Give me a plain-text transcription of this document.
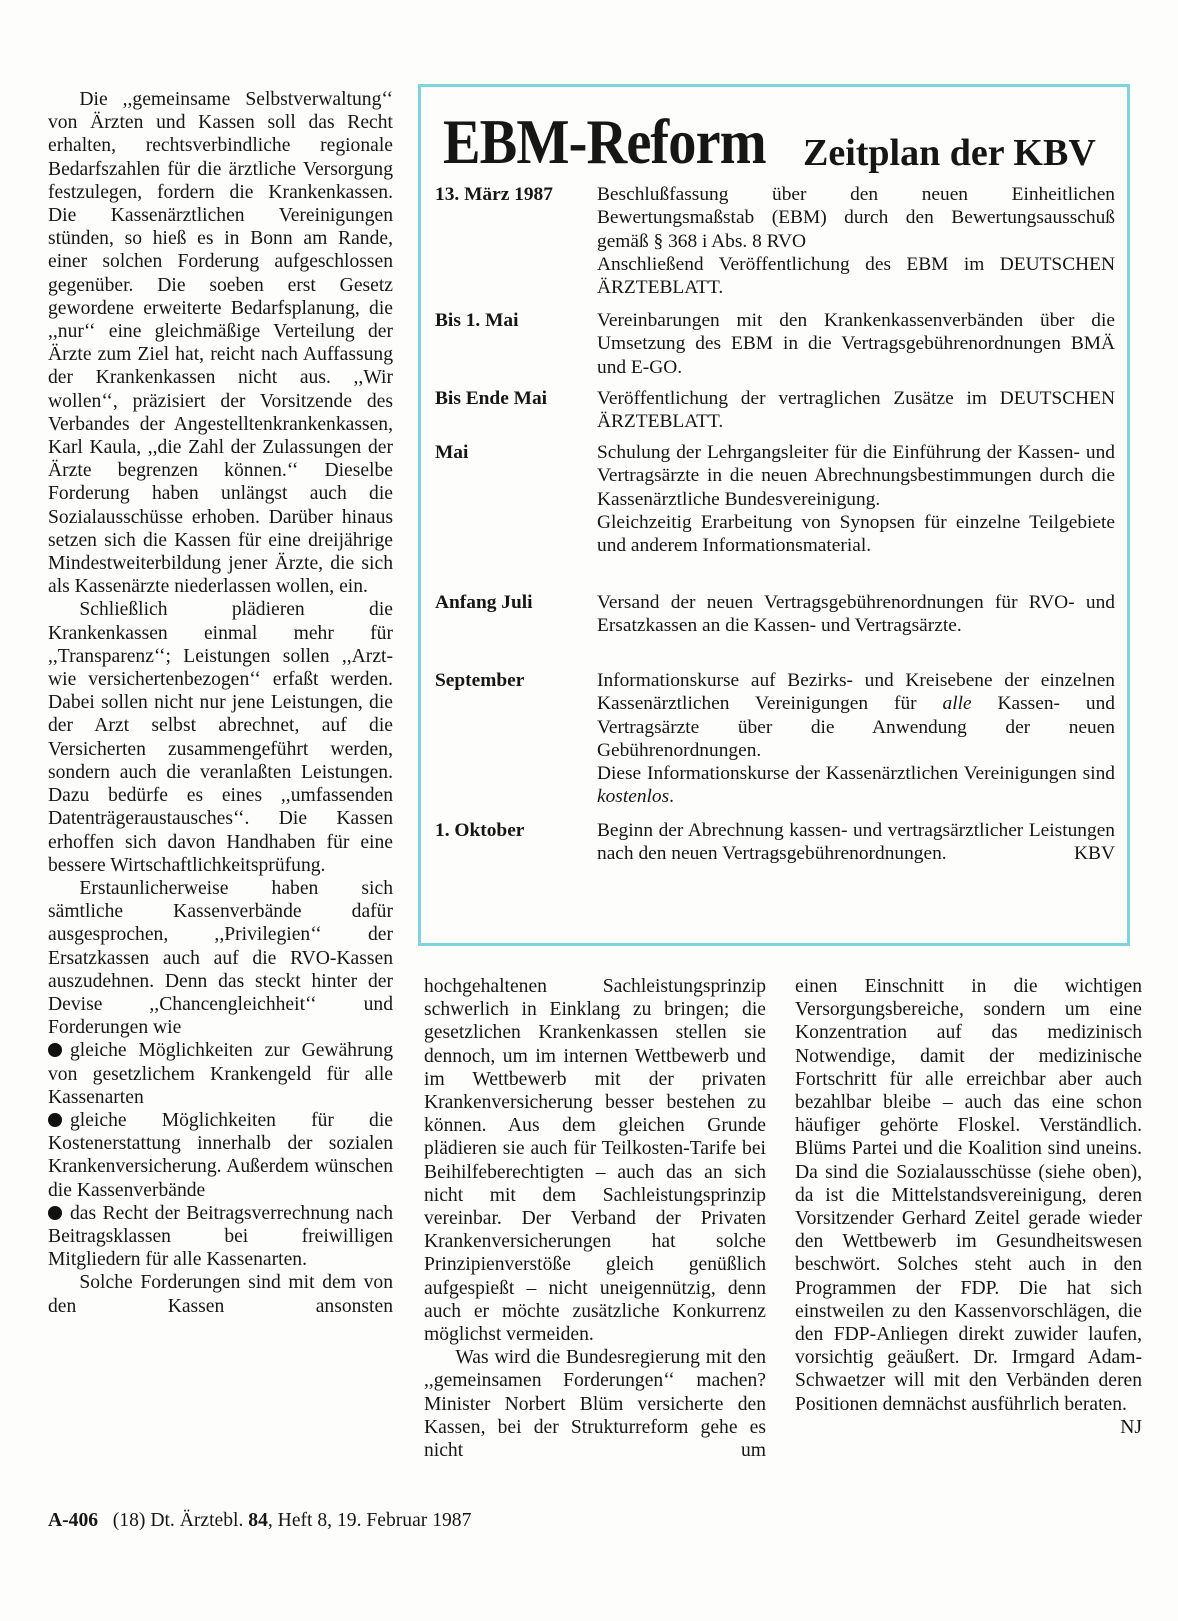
Die ,,gemeinsame Selbstverwaltung‘‘ von Ärzten und Kassen soll das Recht erhalten, rechtsverbindliche regionale Bedarfszahlen für die ärztliche Versorgung festzulegen, fordern die Krankenkassen. Die Kassenärztlichen Vereinigungen stünden, so hieß es in Bonn am Rande, einer solchen Forderung aufgeschlossen gegenüber. Die soeben erst Gesetz gewordene erweiterte Bedarfsplanung, die ,,nur‘‘ eine gleichmäßige Verteilung der Ärzte zum Ziel hat, reicht nach Auffassung der Krankenkassen nicht aus. ,,Wir wollen‘‘, präzisiert der Vorsitzende des Verbandes der Angestelltenkrankenkassen, Karl Kaula, ,,die Zahl der Zulassungen der Ärzte begrenzen können.‘‘ Dieselbe Forderung haben unlängst auch die Sozialausschüsse erhoben. Darüber hinaus setzen sich die Kassen für eine dreijährige Mindestweiterbildung jener Ärzte, die sich als Kassenärzte niederlassen wollen, ein.

Schließlich plädieren die Krankenkassen einmal mehr für ,,Transparenz‘‘; Leistungen sollen ,,Arzt- wie versichertenbezogen‘‘ erfaßt werden. Dabei sollen nicht nur jene Leistungen, die der Arzt selbst abrechnet, auf die Versicherten zusammengeführt werden, sondern auch die veranlaßten Leistungen. Dazu bedürfe es eines ,,umfassenden Datenträgeraustausches‘‘. Die Kassen erhoffen sich davon Handhaben für eine bessere Wirtschaftlichkeitsprüfung.

Erstaunlicherweise haben sich sämtliche Kassenverbände dafür ausgesprochen, ,,Privilegien‘‘ der Ersatzkassen auch auf die RVO-Kassen auszudehnen. Denn das steckt hinter der Devise ,,Chancengleichheit‘‘ und Forderungen wie

gleiche Möglichkeiten zur Gewährung von gesetzlichem Krankengeld für alle Kassenarten

gleiche Möglichkeiten für die Kostenerstattung innerhalb der sozialen Krankenversicherung. Außerdem wünschen die Kassenverbände

das Recht der Beitragsverrechnung nach Beitragsklassen bei freiwilligen Mitgliedern für alle Kassenarten.

Solche Forderungen sind mit dem von den Kassen ansonsten

EBM-Reform Zeitplan der KBV
13. März 1987	Beschlußfassung über den neuen Einheitlichen Bewertungsmaßstab (EBM) durch den Bewertungsausschuß gemäß § 368 i Abs. 8 RVO

Anschließend Veröffentlichung des EBM im DEUTSCHEN ÄRZTEBLATT.

Bis 1. Mai	Vereinbarungen mit den Krankenkassenverbänden über die Umsetzung des EBM in die Vertragsgebührenordnungen BMÄ und E-GO.

Bis Ende Mai	Veröffentlichung der vertraglichen Zusätze im DEUTSCHEN ÄRZTEBLATT.

Mai	Schulung der Lehrgangsleiter für die Einführung der Kassen- und Vertragsärzte in die neuen Abrechnungsbestimmungen durch die Kassenärztliche Bundesvereinigung.

Gleichzeitig Erarbeitung von Synopsen für einzelne Teilgebiete und anderem Informationsmaterial.

Anfang Juli	Versand der neuen Vertragsgebührenordnungen für RVO- und Ersatzkassen an die Kassen- und Vertragsärzte.

September	Informationskurse auf Bezirks- und Kreisebene der einzelnen Kassenärztlichen Vereinigungen für alle Kassen- und Vertragsärzte über die Anwendung der neuen Gebührenordnungen.

Diese Informationskurse der Kassenärztlichen Vereinigungen sind kostenlos.

1. Oktober	Beginn der Abrechnung kassen- und vertragsärztlicher Leistungen nach den neuen Vertragsgebührenordnungen.	KBV

hochgehaltenen Sachleistungsprinzip schwerlich in Einklang zu bringen; die gesetzlichen Krankenkassen stellen sie dennoch, um im internen Wettbewerb und im Wettbewerb mit der privaten Krankenversicherung besser bestehen zu können. Aus dem gleichen Grunde plädieren sie auch für Teilkosten-Tarife bei Beihilfeberechtigten – auch das an sich nicht mit dem Sachleistungsprinzip vereinbar. Der Verband der Privaten Krankenversicherungen hat solche Prinzipienverstöße gleich genüßlich aufgespießt – nicht uneigennützig, denn auch er möchte zusätzliche Konkurrenz möglichst vermeiden.

Was wird die Bundesregierung mit den ,,gemeinsamen Forderungen‘‘ machen? Minister Norbert Blüm versicherte den Kassen, bei der Strukturreform gehe es nicht um

einen Einschnitt in die wichtigen Versorgungsbereiche, sondern um eine Konzentration auf das medizinisch Notwendige, damit der medizinische Fortschritt für alle erreichbar aber auch bezahlbar bleibe – auch das eine schon häufiger gehörte Floskel. Verständlich. Blüms Partei und die Koalition sind uneins. Da sind die Sozialausschüsse (siehe oben), da ist die Mittelstandsvereinigung, deren Vorsitzender Gerhard Zeitel gerade wieder den Wettbewerb im Gesundheitswesen beschwört. Solches steht auch in den Programmen der FDP. Die hat sich einstweilen zu den Kassenvorschlägen, die den FDP-Anliegen direkt zuwider laufen, vorsichtig geäußert. Dr. Irmgard Adam-Schwaetzer will mit den Verbänden deren Positionen demnächst ausführlich beraten.
NJ

A-406 (18) Dt. Ärztebl. 84, Heft 8, 19. Februar 1987
